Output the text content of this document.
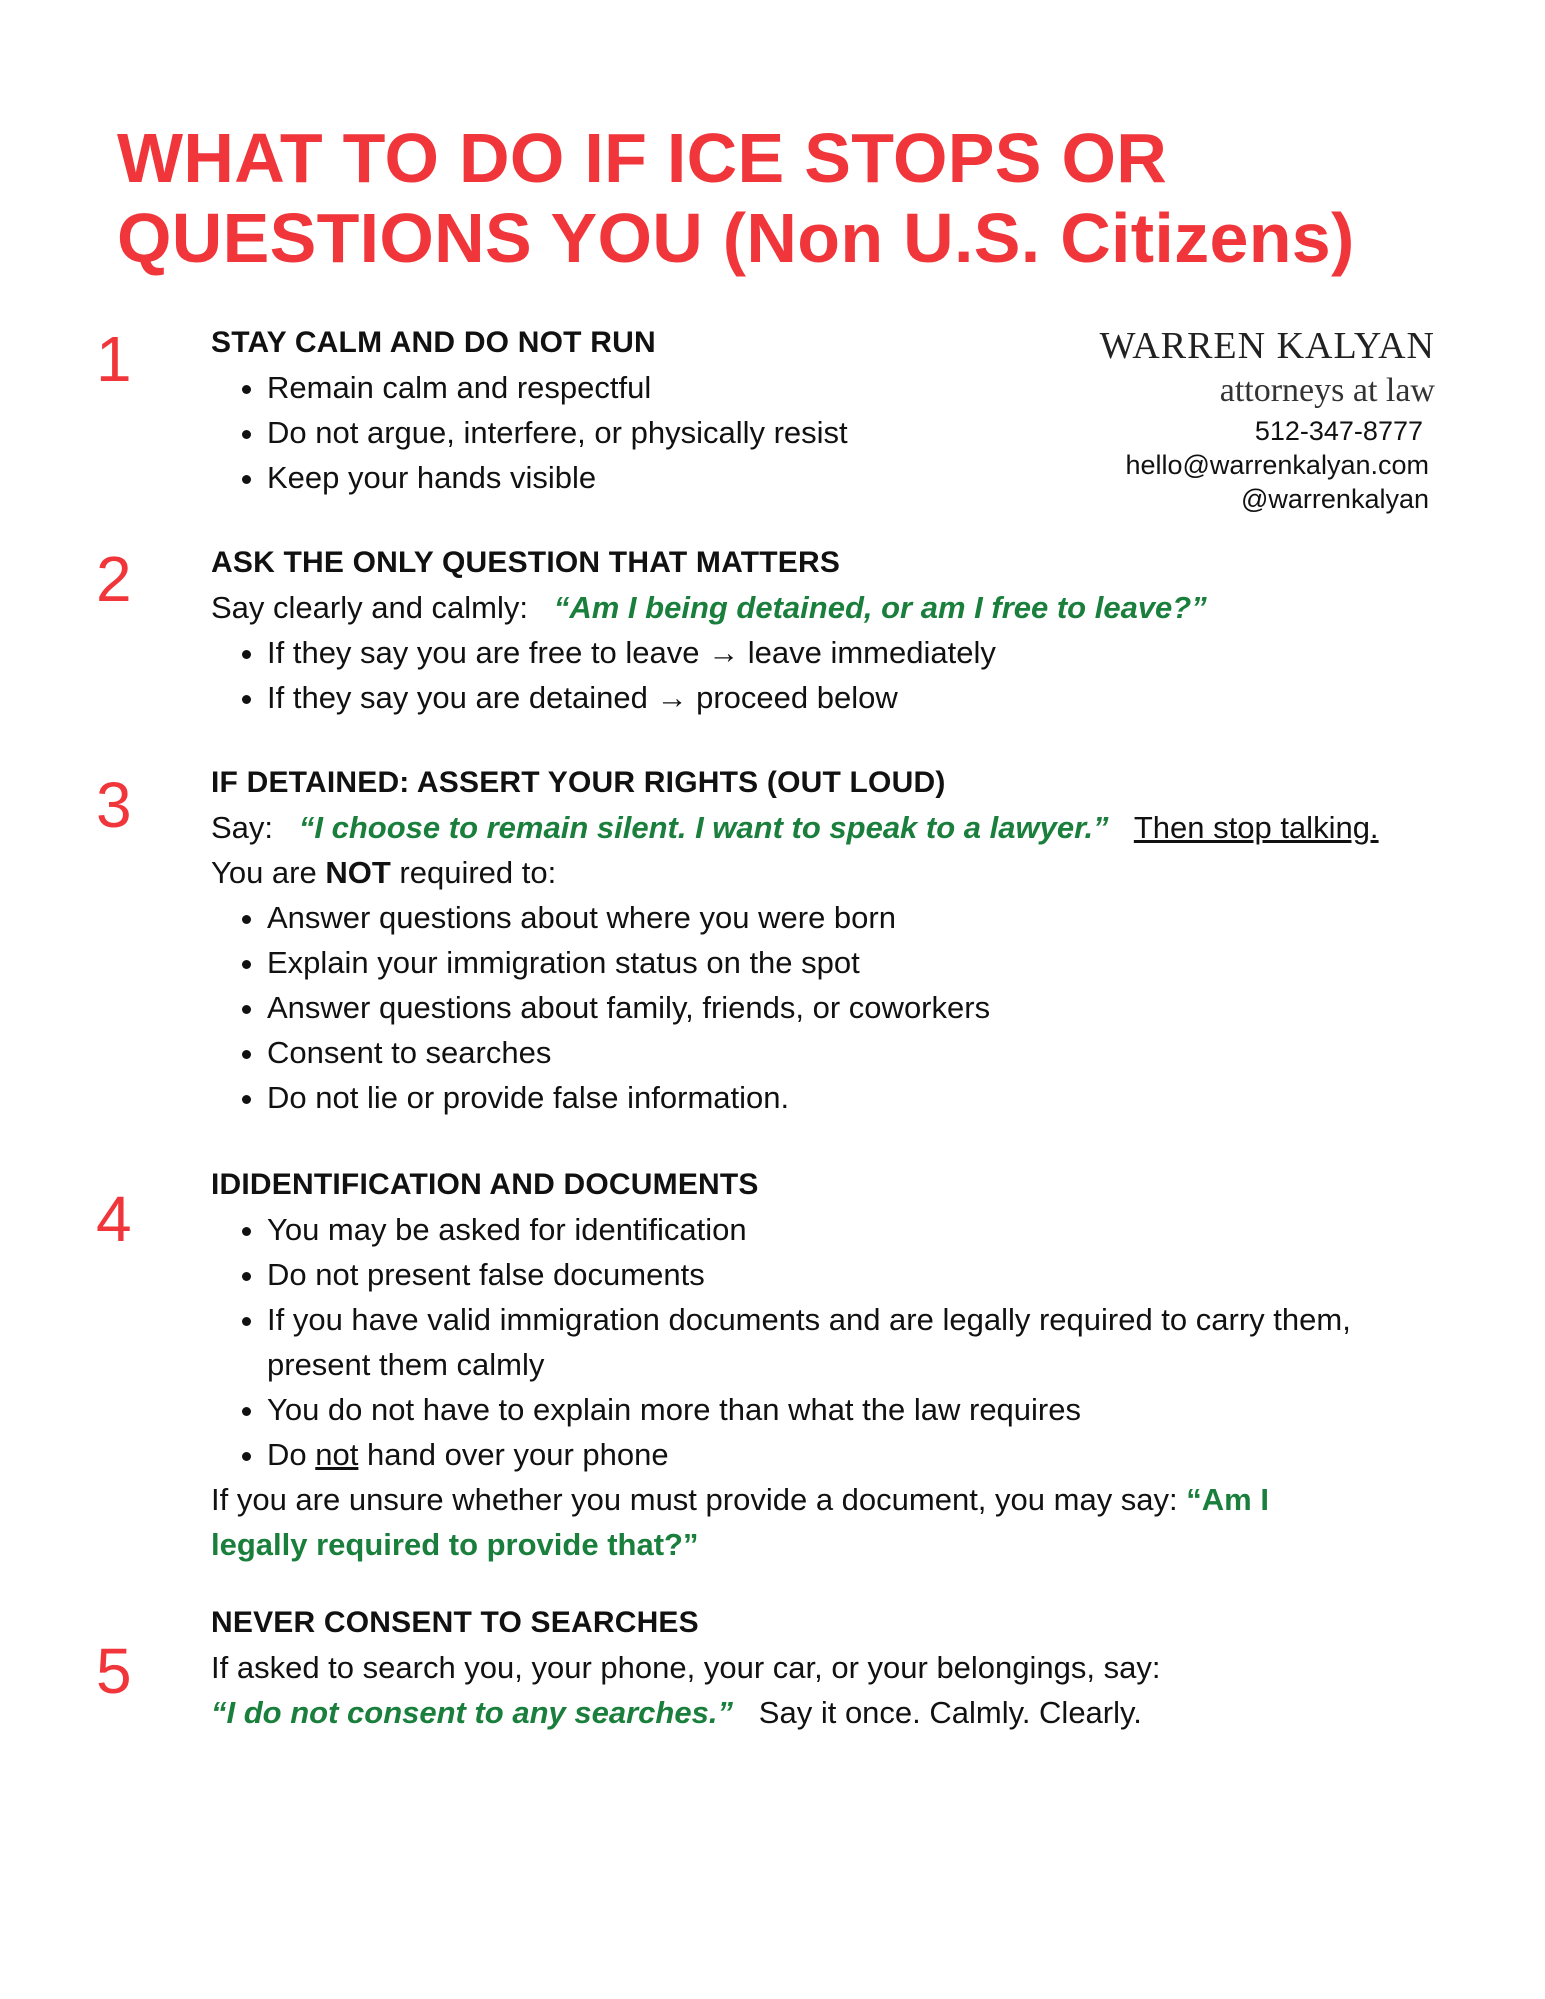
WHAT TO DO IF ICE STOPS OR
QUESTIONS YOU (Non U.S. Citizens)
WARREN KALYAN
attorneys at law
512-347-8777
hello@warrenkalyan.com
@warrenkalyan
1	STAY CALM AND DO NOT RUN
• Remain calm and respectful
• Do not argue, interfere, or physically resist
• Keep your hands visible
2	ASK THE ONLY QUESTION THAT MATTERS
Say clearly and calmly: “Am I being detained, or am I free to leave?”
• If they say you are free to leave → leave immediately
• If they say you are detained → proceed below
3	IF DETAINED: ASSERT YOUR RIGHTS (OUT LOUD)
Say: “I choose to remain silent. I want to speak to a lawyer.” Then stop talking.
You are NOT required to:
• Answer questions about where you were born
• Explain your immigration status on the spot
• Answer questions about family, friends, or coworkers
• Consent to searches
• Do not lie or provide false information.
4	IDIDENTIFICATION AND DOCUMENTS
• You may be asked for identification
• Do not present false documents
• If you have valid immigration documents and are legally required to carry them, present them calmly
• You do not have to explain more than what the law requires
• Do not hand over your phone
If you are unsure whether you must provide a document, you may say: “Am I
legally required to provide that?”
5
NEVER CONSENT TO SEARCHES
If asked to search you, your phone, your car, or your belongings, say:
“I do not consent to any searches.” Say it once. Calmly. Clearly.
